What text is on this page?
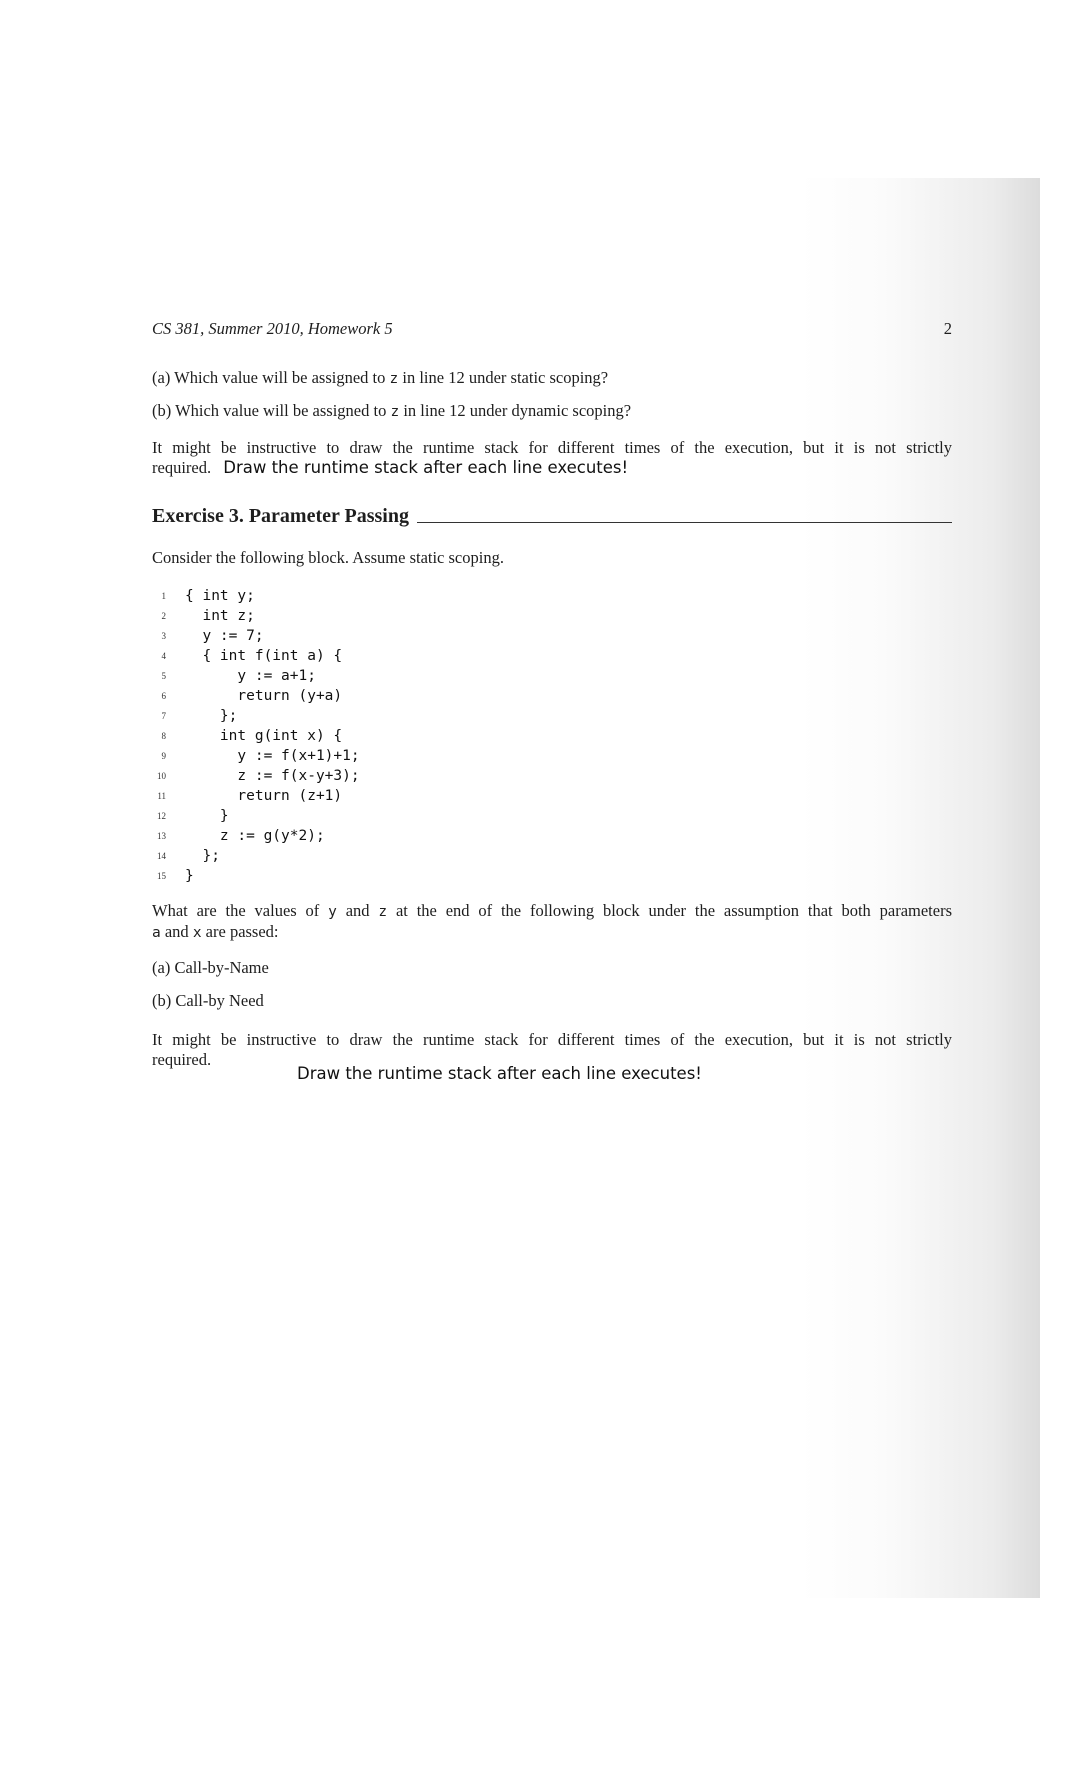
CS 381, Summer 2010, Homework 5	2
(a) Which value will be assigned to z in line 12 under static scoping?
(b) Which value will be assigned to z in line 12 under dynamic scoping?
It might be instructive to draw the runtime stack for different times of the execution, but it is not strictly
required. Draw the runtime stack after each line executes!
Exercise 3. Parameter Passing
Consider the following block. Assume static scoping.
1 { int y;
2 int z;
3 y := 7;
4 { int f(int a) {
5 y := a+1;
6 return (y+a)
7 };
8 int g(int x) {
9 y := f(x+1)+1;
10 z := f(x-y+3);
11 return (z+1)
12 }
13 z := g(y*2);
14 };
15 }
What are the values of y and z at the end of the following block under the assumption that both parameters
a and x are passed:
(a) Call-by-Name
(b) Call-by Need
It might be instructive to draw the runtime stack for different times of the execution, but it is not strictly
required.
Draw the runtime stack after each line executes!
